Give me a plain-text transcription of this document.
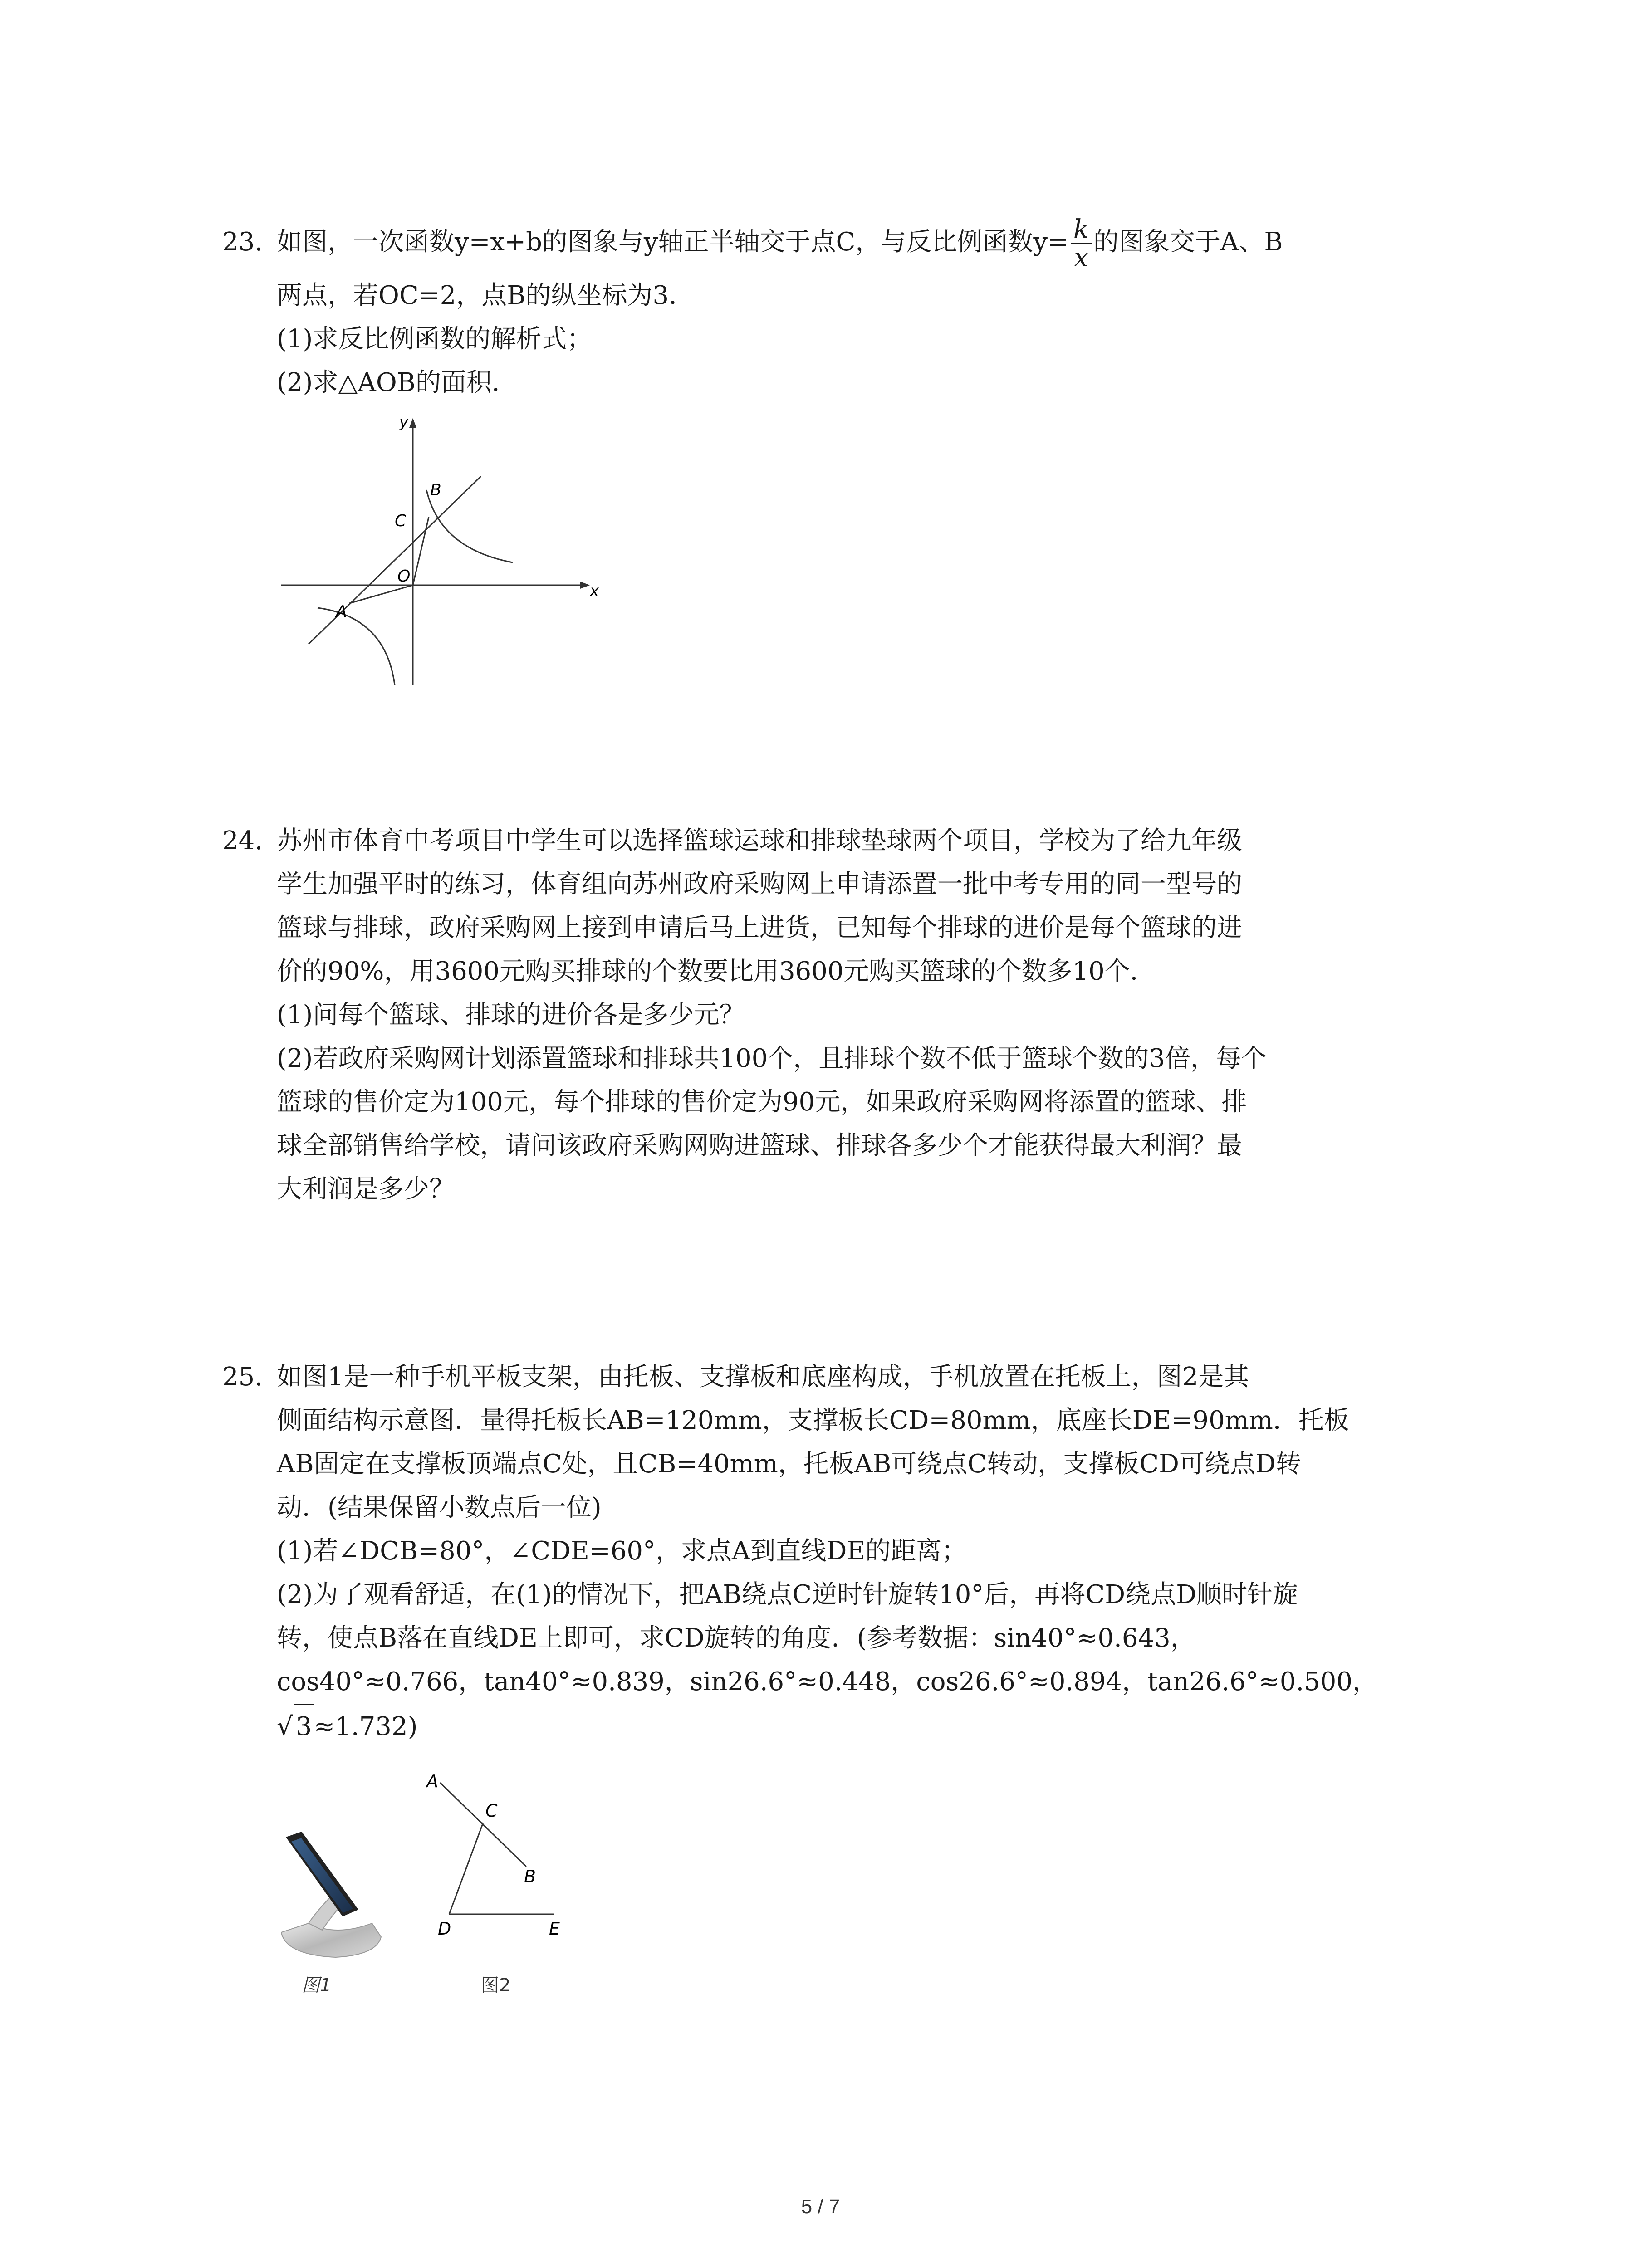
23. 如图，一次函数y=x+b的图象与y轴正半轴交于点C，与反比例函数$y= \frac{k}{x}$ 的图象交于A、B
两点，若OC=2，点B的纵坐标为3．
(1)求反比例函数的解析式；
(2)求△AOB的面积．
y
x
B
C
O
A
24. 苏州市体育中考项目中学生可以选择篮球运球和排球垫球两个项目，学校为了给九年级
学生加强平时的练习，体育组向苏州政府采购网上申请添置一批中考专用的同一型号的
篮球与排球，政府采购网上接到申请后马上进货，已知每个排球的进价是每个篮球的进
价的90%，用3600元购买排球的个数要比用3600元购买篮球的个数多10个．
(1)问每个篮球、排球的进价各是多少元？
(2)若政府采购网计划添置篮球和排球共100个，且排球个数不低于篮球个数的3倍，每个
篮球的售价定为100元，每个排球的售价定为90元，如果政府采购网将添置的篮球、排
球全部销售给学校，请问该政府采购网购进篮球、排球各多少个才能获得最大利润？最
大利润是多少？
25. 如图1是一种手机平板支架，由托板、支撑板和底座构成，手机放置在托板上，图2是其
侧面结构示意图．量得托板长AB=120mm，支撑板长CD=80mm，底座长DE=90mm．托板
AB固定在支撑板顶端点C处，且CB=40mm，托板AB可绕点C转动，支撑板CD可绕点D转
动．(结果保留小数点后一位)
(1)若∠DCB=80°，∠CDE=60°，求点A到直线DE的距离；
(2)为了观看舒适，在(1)的情况下，把AB绕点C逆时针旋转10°后，再将CD绕点D顺时针旋
转，使点B落在直线DE上即可，求CD旋转的角度．(参考数据：sin40°≈0.643，
cos40°≈0.766，tan40°≈0.839，sin26.6°≈0.448，cos26.6°≈0.894，tan26.6°≈0.500，
√ 3≈1.732)
图1
A
C
B
D	E
图2
5 / 7
